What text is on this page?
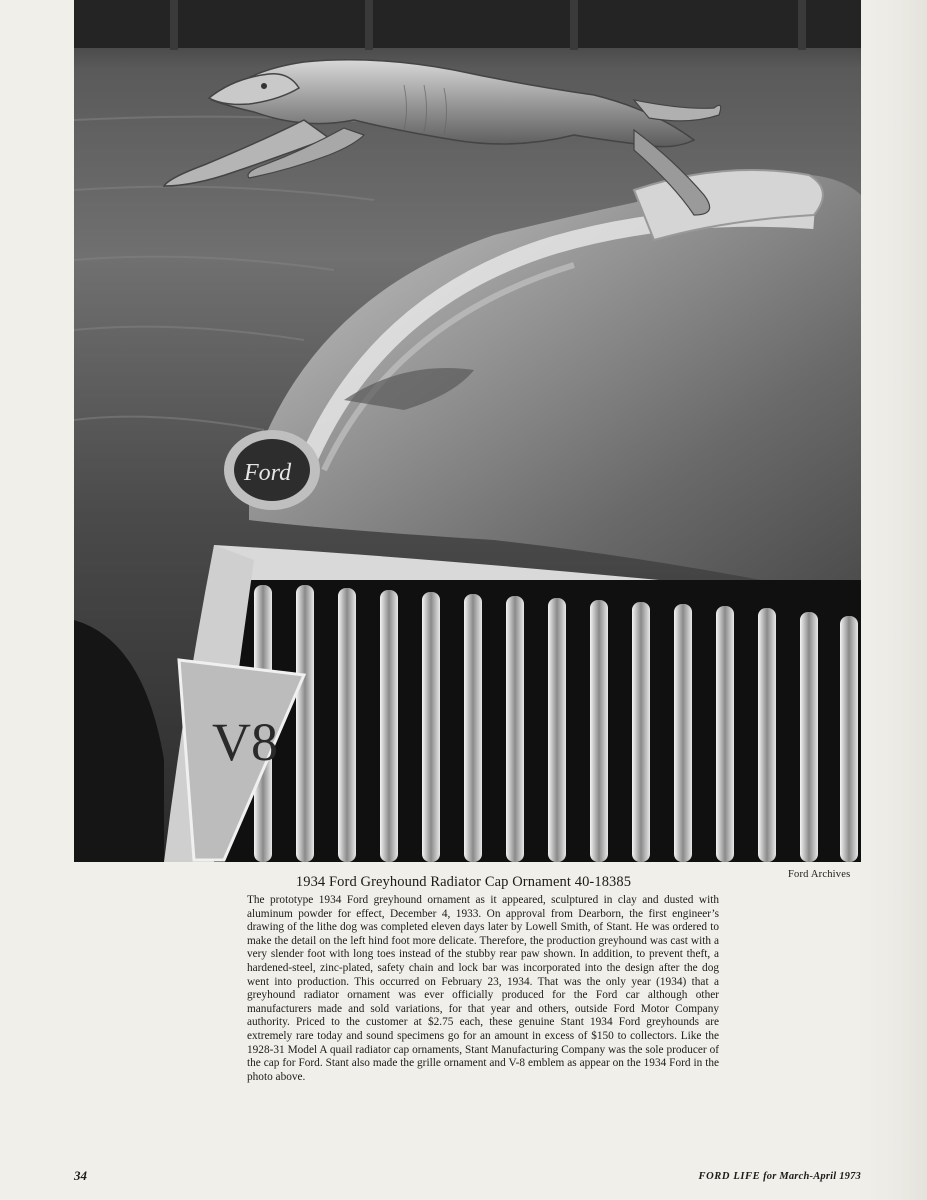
V8
Ford
Ford Archives
1934 Ford Greyhound Radiator Cap Ornament 40-18385

The prototype 1934 Ford greyhound ornament as it appeared, sculptured in clay and dusted with aluminum powder for effect, December 4, 1933. On approval from Dearborn, the first engineer’s drawing of the lithe dog was completed eleven days later by Lowell Smith, of Stant. He was ordered to make the detail on the left hind foot more delicate. Therefore, the production greyhound was cast with a very slender foot with long toes instead of the stubby rear paw shown. In addition, to prevent theft, a hardened-steel, zinc-plated, safety chain and lock bar was incorporated into the design after the dog went into production. This occurred on February 23, 1934. That was the only year (1934) that a greyhound radiator ornament was ever officially produced for the Ford car although other manufacturers made and sold variations, for that year and others, outside Ford Motor Company authority. Priced to the customer at $2.75 each, these genuine Stant 1934 Ford greyhounds are extremely rare today and sound specimens go for an amount in excess of $150 to collectors. Like the 1928-31 Model A quail radiator cap ornaments, Stant Manufacturing Company was the sole producer of the cap for Ford. Stant also made the grille ornament and V-8 emblem as appear on the 1934 Ford in the photo above.

34	FORD LIFE for March-April 1973
